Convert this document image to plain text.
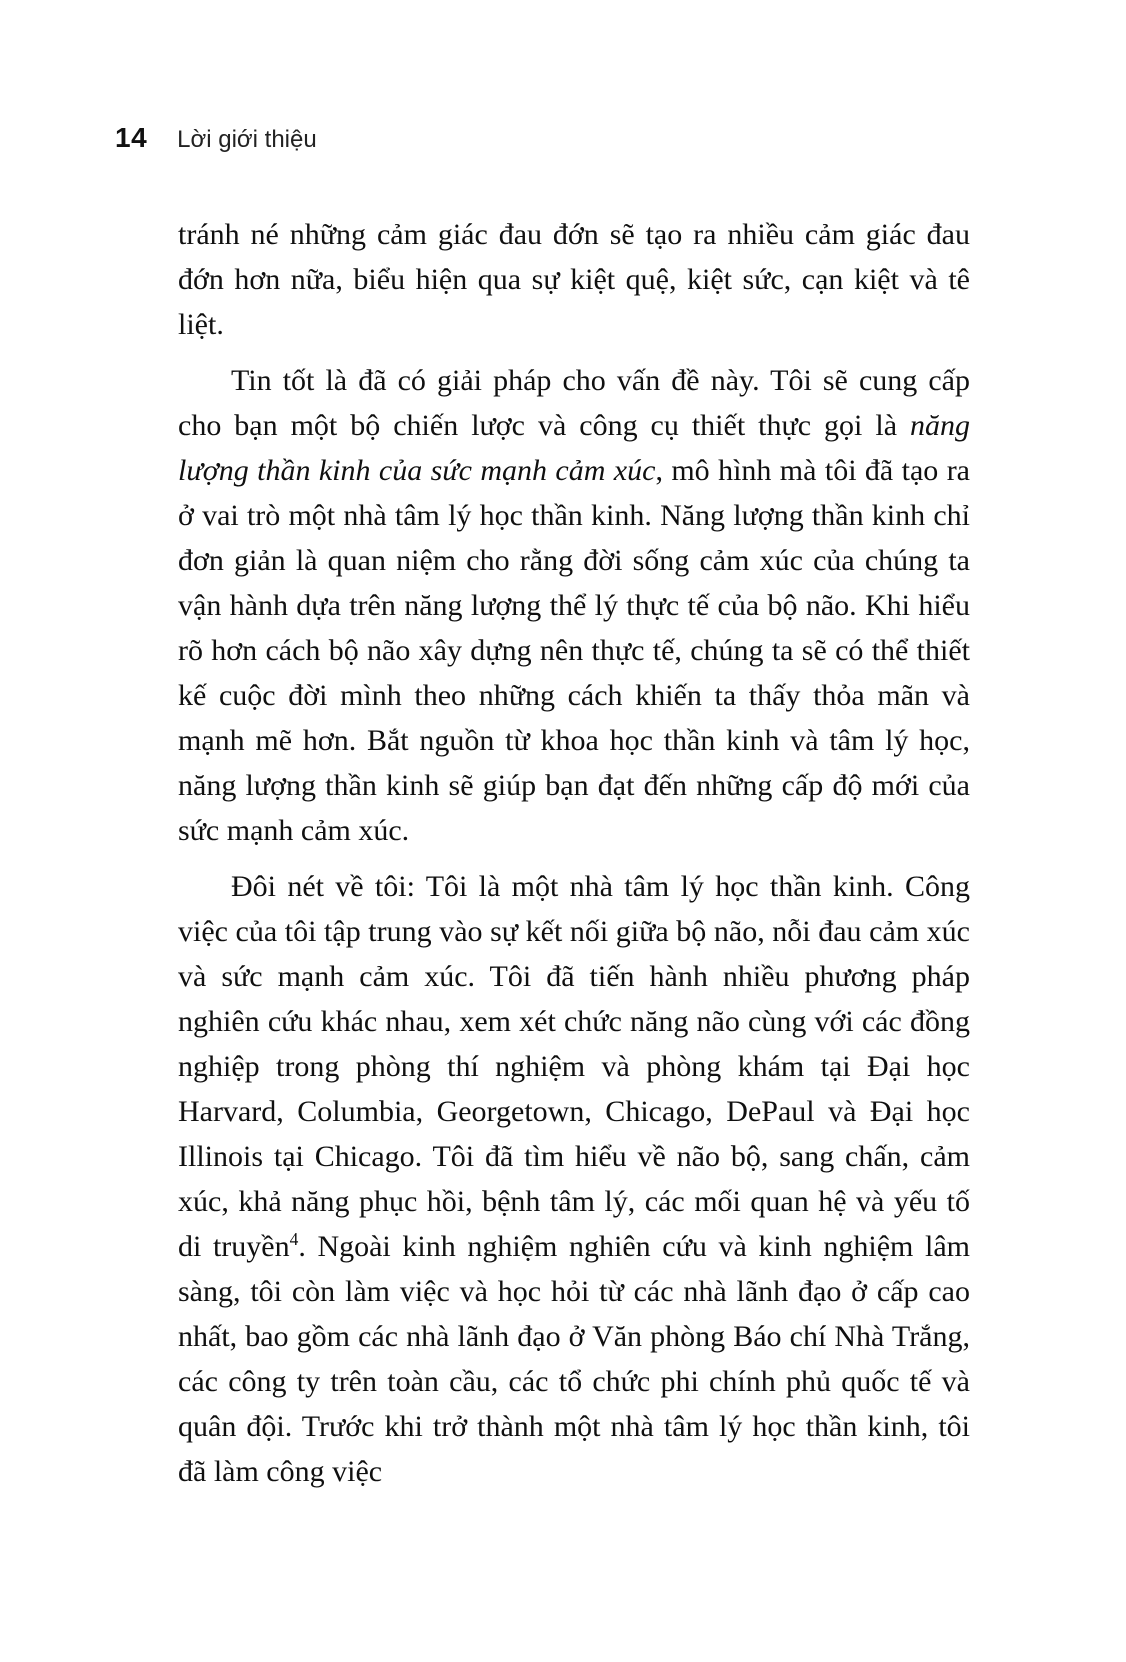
14 Lời giới thiệu

tránh né những cảm giác đau đớn sẽ tạo ra nhiều cảm giác đau đớn hơn nữa, biểu hiện qua sự kiệt quệ, kiệt sức, cạn kiệt và tê liệt.

Tin tốt là đã có giải pháp cho vấn đề này. Tôi sẽ cung cấp cho bạn một bộ chiến lược và công cụ thiết thực gọi là năng lượng thần kinh của sức mạnh cảm xúc, mô hình mà tôi đã tạo ra ở vai trò một nhà tâm lý học thần kinh. Năng lượng thần kinh chỉ đơn giản là quan niệm cho rằng đời sống cảm xúc của chúng ta vận hành dựa trên năng lượng thể lý thực tế của bộ não. Khi hiểu rõ hơn cách bộ não xây dựng nên thực tế, chúng ta sẽ có thể thiết kế cuộc đời mình theo những cách khiến ta thấy thỏa mãn và mạnh mẽ hơn. Bắt nguồn từ khoa học thần kinh và tâm lý học, năng lượng thần kinh sẽ giúp bạn đạt đến những cấp độ mới của sức mạnh cảm xúc.

Đôi nét về tôi: Tôi là một nhà tâm lý học thần kinh. Công việc của tôi tập trung vào sự kết nối giữa bộ não, nỗi đau cảm xúc và sức mạnh cảm xúc. Tôi đã tiến hành nhiều phương pháp nghiên cứu khác nhau, xem xét chức năng não cùng với các đồng nghiệp trong phòng thí nghiệm và phòng khám tại Đại học Harvard, Columbia, Georgetown, Chicago, DePaul và Đại học Illinois tại Chicago. Tôi đã tìm hiểu về não bộ, sang chấn, cảm xúc, khả năng phục hồi, bệnh tâm lý, các mối quan hệ và yếu tố di truyền$^4$. Ngoài kinh nghiệm nghiên cứu và kinh nghiệm lâm sàng, tôi còn làm việc và học hỏi từ các nhà lãnh đạo ở cấp cao nhất, bao gồm các nhà lãnh đạo ở Văn phòng Báo chí Nhà Trắng, các công ty trên toàn cầu, các tổ chức phi chính phủ quốc tế và quân đội. Trước khi trở thành một nhà tâm lý học thần kinh, tôi đã làm công việc
